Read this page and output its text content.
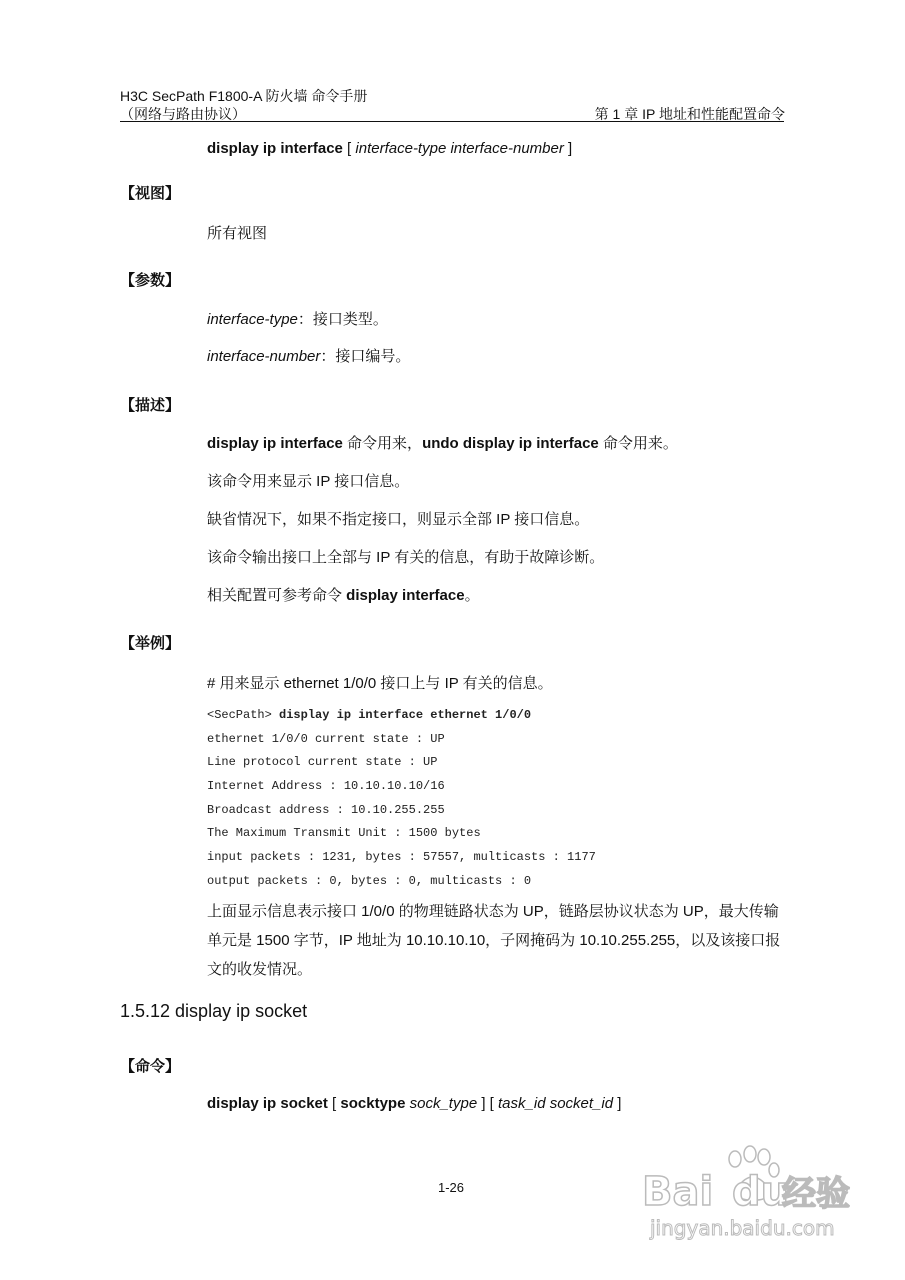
H3C SecPath F1800-A 防火墙 命令手册
（网络与路由协议）	第 1 章 IP 地址和性能配置命令
display ip interface [ interface-type interface-number ]
【视图】
所有视图
【参数】
interface-type：接口类型。
interface-number：接口编号。
【描述】
display ip interface 命令用来，undo display ip interface 命令用来。
该命令用来显示 IP 接口信息。
缺省情况下，如果不指定接口，则显示全部 IP 接口信息。
该命令输出接口上全部与 IP 有关的信息，有助于故障诊断。
相关配置可参考命令 display interface。
【举例】
# 用来显示 ethernet 1/0/0 接口上与 IP 有关的信息。
<SecPath> display ip interface ethernet 1/0/0
ethernet 1/0/0 current state : UP
Line protocol current state : UP
Internet Address : 10.10.10.10/16
Broadcast address : 10.10.255.255
The Maximum Transmit Unit : 1500 bytes
input packets : 1231, bytes : 57557, multicasts : 1177
output packets : 0, bytes : 0, multicasts : 0
上面显示信息表示接口 1/0/0 的物理链路状态为 UP，链路层协议状态为 UP，最大传输单元是 1500 字节，IP 地址为 10.10.10.10，子网掩码为 10.10.255.255，以及该接口报文的收发情况。
1.5.12 display ip socket
【命令】
display ip socket [ socktype sock_type ] [ task_id socket_id ]
1-26	Bai du
经验
jingyan.baidu.com
